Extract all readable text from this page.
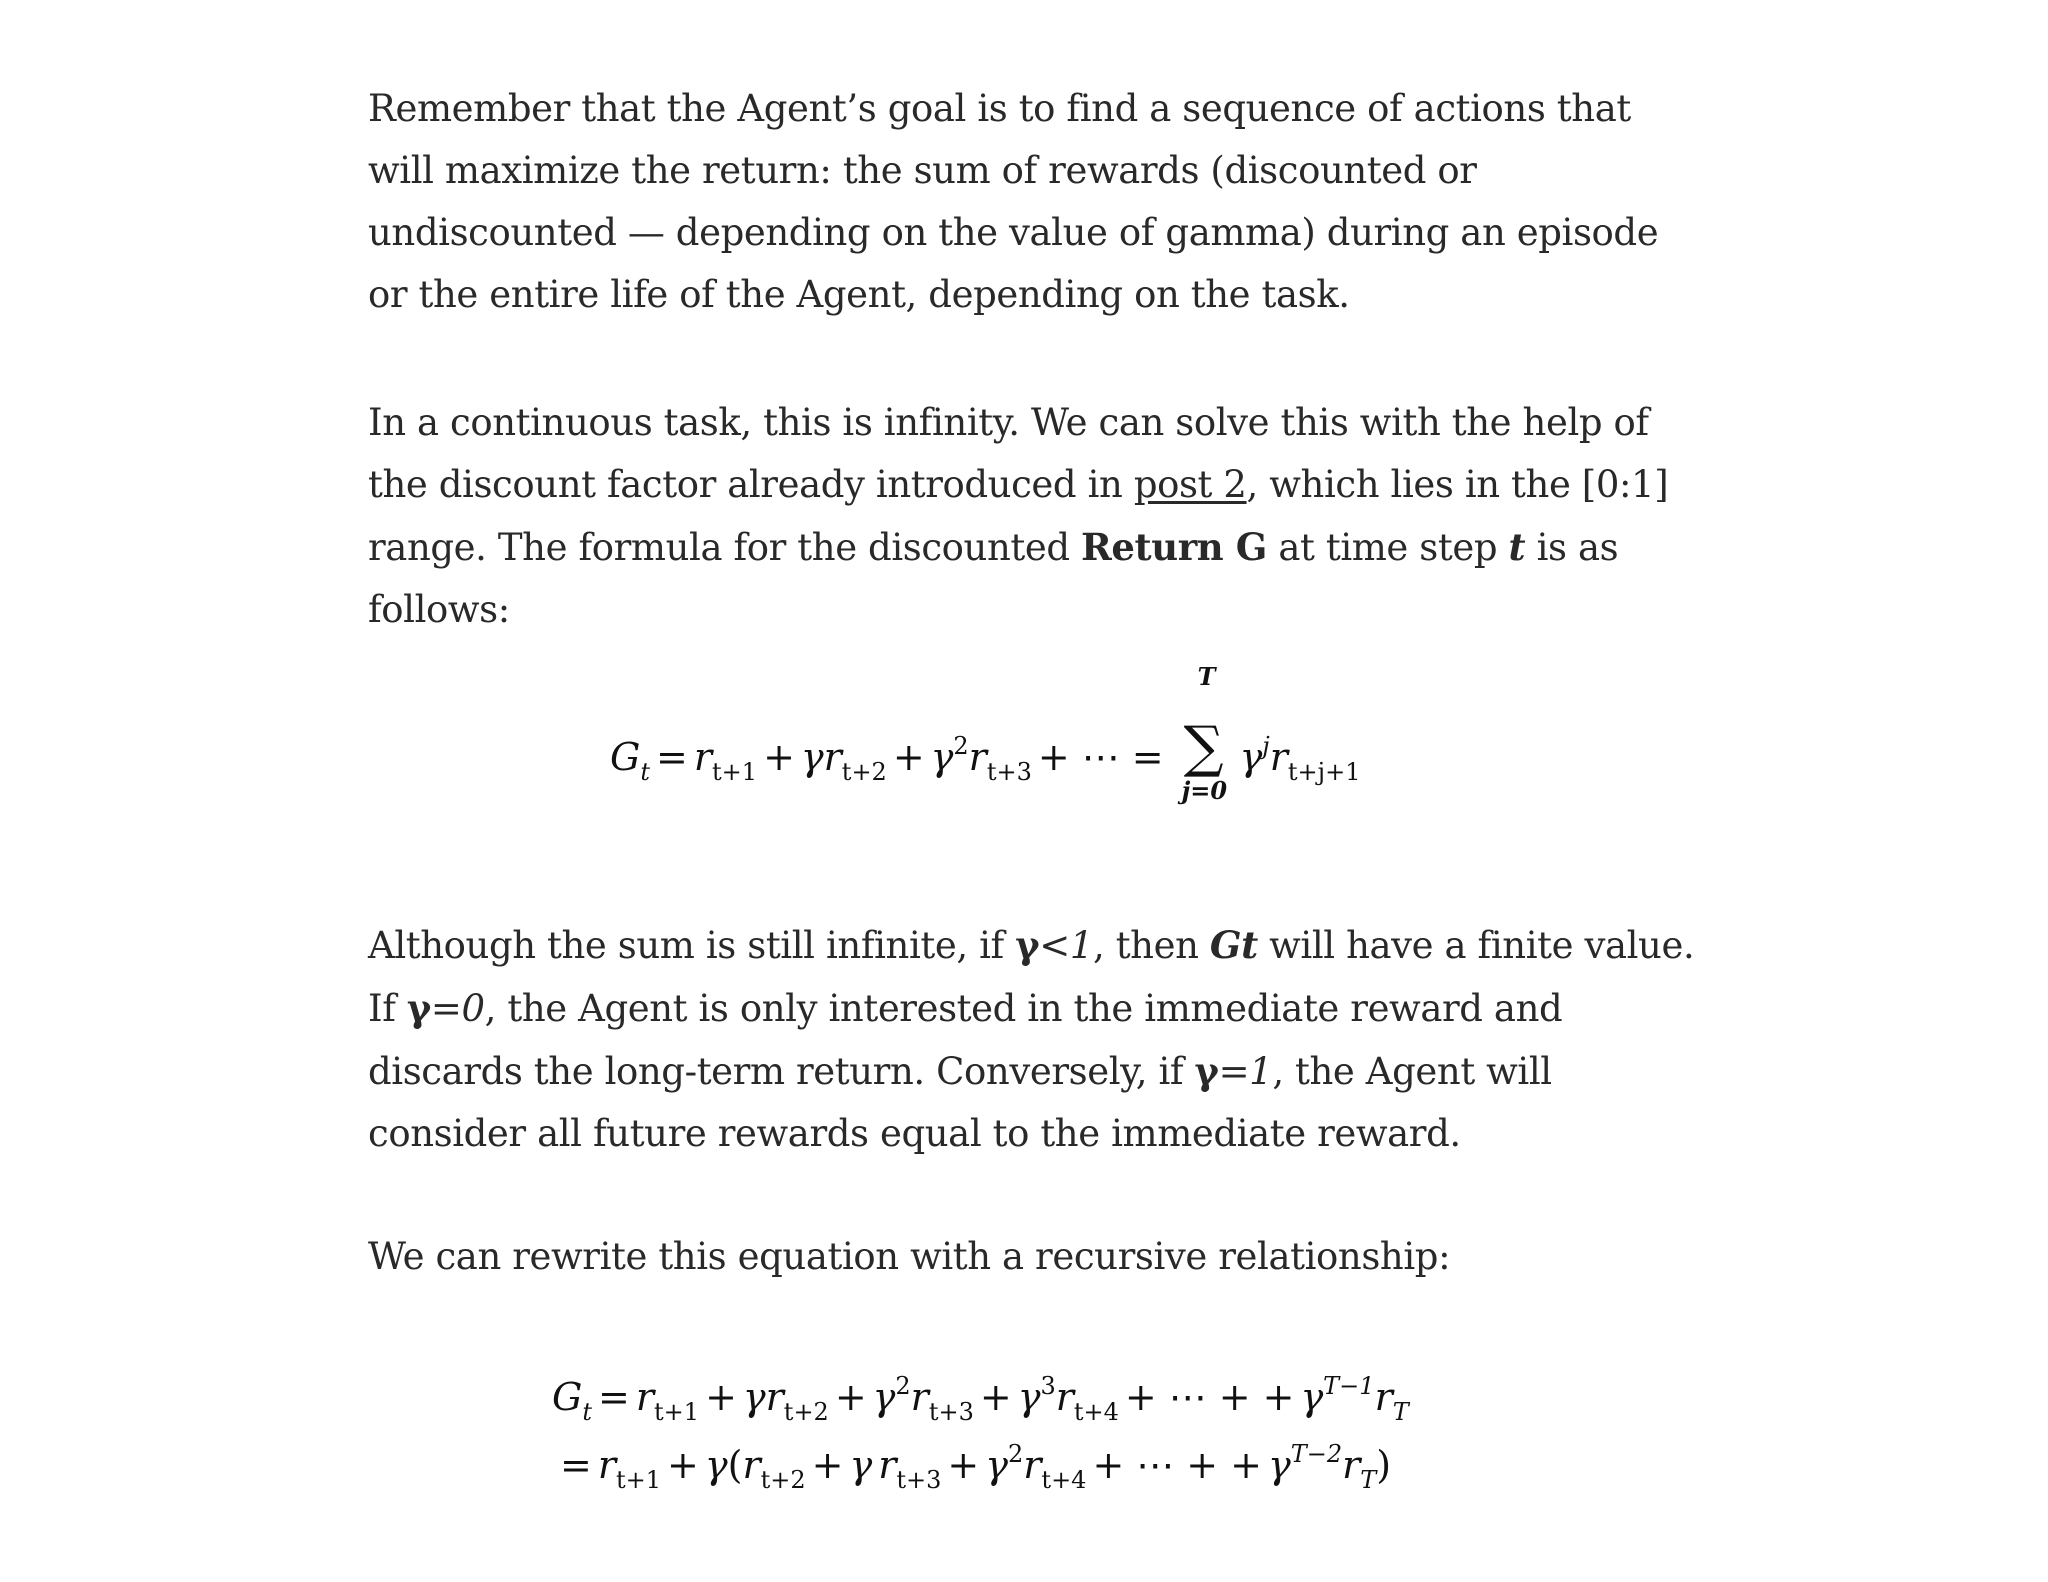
Remember that the Agent’s goal is to find a sequence of actions that will maximize the return: the sum of rewards (discounted or undiscounted — depending on the value of gamma) during an episode or the entire life of the Agent, depending on the task.

In a continuous task, this is infinity. We can solve this with the help of the discount factor already introduced in post 2, which lies in the [0:1] range. The formula for the discounted Return G at time step t is as follows:

$G_t = r_{t+1} + \gamma r_{t+2} + \gamma^2r_{t+3}$ + ⋯ =
T
∑
j=0
$\gamma^jr_{t+j+1}$

Although the sum is still infinite, if γ<1, then Gt will have a finite value. If γ=0, the Agent is only interested in the immediate reward and discards the long-term return. Conversely, if γ=1, the Agent will consider all future rewards equal to the immediate reward.

We can rewrite this equation with a recursive relationship:

$G_t = r_{t+1} + \gamma r_{t+2} + \gamma^2r_{t+3} + \gamma^3r_{t+4}$ + ⋯ + + $\gamma^{T-1}r_T$
= $r_{t+1} + \gamma(r_{t+2} + \gamma$ $r_{t+3} + \gamma^2r_{t+4}$ + ⋯ + + $\gamma^{T-2}r_T$)
